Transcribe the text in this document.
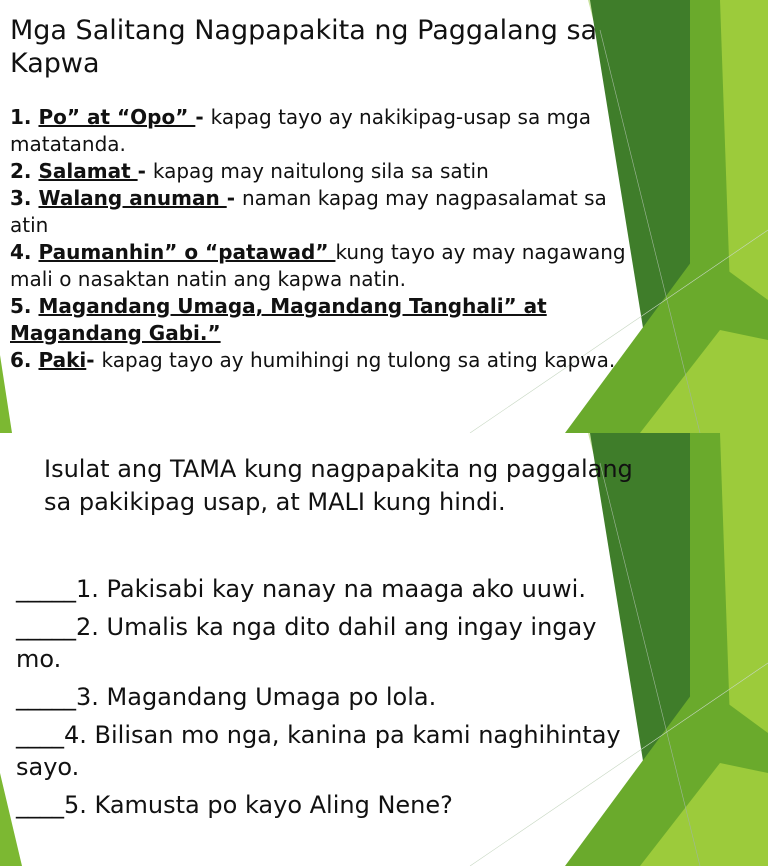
Mga Salitang Nagpapakita ng Paggalang sa Kapwa
1. Po” at “Opo” - kapag tayo ay nakikipag-usap sa mga matatanda.
2. Salamat - kapag may naitulong sila sa satin
3. Walang anuman - naman kapag may nagpasalamat sa atin
4. Paumanhin” o “patawad” kung tayo ay may nagawang mali o nasaktan natin ang kapwa natin.
5. Magandang Umaga, Magandang Tanghali” at Magandang Gabi.”
6. Paki- kapag tayo ay humihingi ng tulong sa ating kapwa.
Isulat ang TAMA kung nagpapakita ng paggalang sa pakikipag usap, at MALI kung hindi.
_____1. Pakisabi kay nanay na maaga ako uuwi.
_____2. Umalis ka nga dito dahil ang ingay ingay mo.
_____3. Magandang Umaga po lola.
____4. Bilisan mo nga, kanina pa kami naghihintay sayo.
____5. Kamusta po kayo Aling Nene?
